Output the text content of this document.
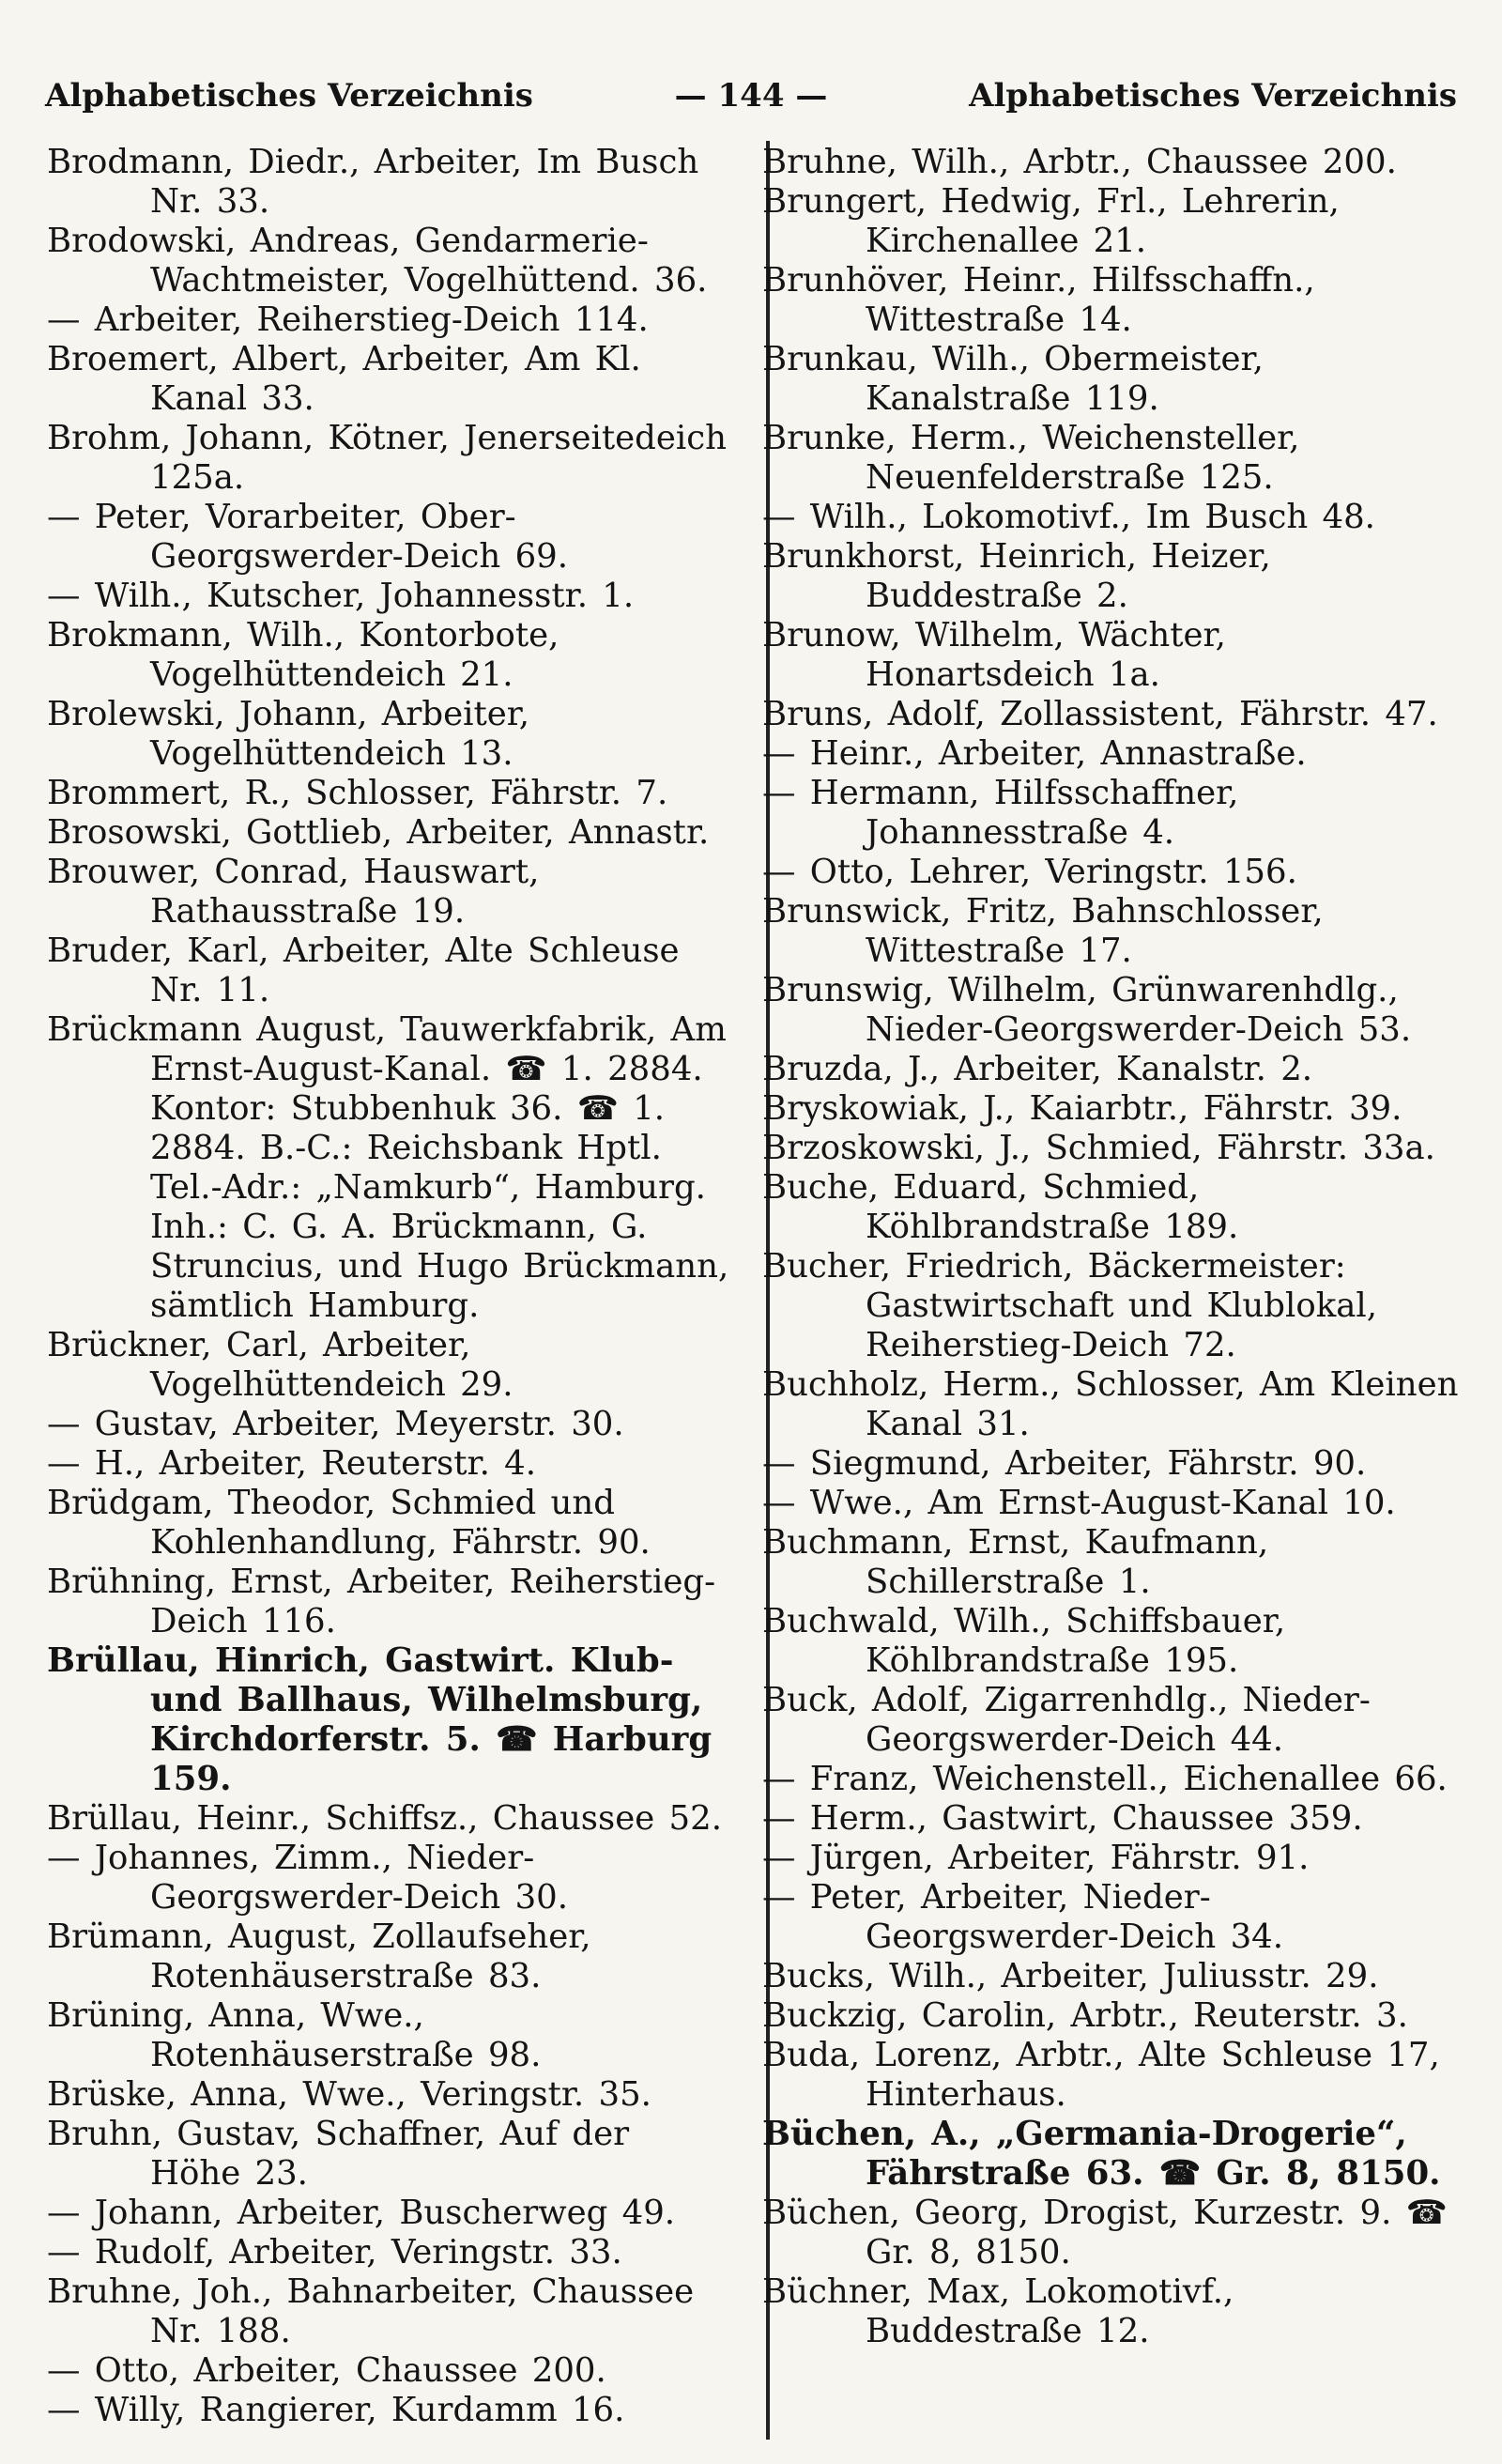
Alphabetisches Verzeichnis	— 144 —	Alphabetisches Verzeichnis
Brodmann, Diedr., Arbeiter, Im Busch Nr. 33.
Brodowski, Andreas, Gendarmerie-Wachtmeister, Vogelhüttend. 36.
— Arbeiter, Reiherstieg-Deich 114.
Broemert, Albert, Arbeiter, Am Kl. Kanal 33.
Brohm, Johann, Kötner, Jenerseitedeich 125a.
— Peter, Vorarbeiter, Ober-Georgswerder-Deich 69.
— Wilh., Kutscher, Johannesstr. 1.
Brokmann, Wilh., Kontorbote, Vogelhüttendeich 21.
Brolewski, Johann, Arbeiter, Vogelhüttendeich 13.
Brommert, R., Schlosser, Fährstr. 7.
Brosowski, Gottlieb, Arbeiter, Annastr.
Brouwer, Conrad, Hauswart, Rathausstraße 19.
Bruder, Karl, Arbeiter, Alte Schleuse Nr. 11.
Brückmann August, Tauwerkfabrik, Am Ernst-August-Kanal. ☎ 1. 2884. Kontor: Stubbenhuk 36. ☎ 1. 2884. B.-C.: Reichsbank Hptl. Tel.-Adr.: „Namkurb“, Hamburg. Inh.: C. G. A. Brückmann, G. Struncius, und Hugo Brückmann, sämtlich Hamburg.
Brückner, Carl, Arbeiter, Vogelhüttendeich 29.
— Gustav, Arbeiter, Meyerstr. 30.
— H., Arbeiter, Reuterstr. 4.
Brüdgam, Theodor, Schmied und Kohlenhandlung, Fährstr. 90.
Brühning, Ernst, Arbeiter, Reiherstieg-Deich 116.
Brüllau, Hinrich, Gastwirt. Klub- und Ballhaus, Wilhelmsburg, Kirchdorferstr. 5. ☎ Harburg 159.
Brüllau, Heinr., Schiffsz., Chaussee 52.
— Johannes, Zimm., Nieder-Georgswerder-Deich 30.
Brümann, August, Zollaufseher, Rotenhäuserstraße 83.
Brüning, Anna, Wwe., Rotenhäuserstraße 98.
Brüske, Anna, Wwe., Veringstr. 35.
Bruhn, Gustav, Schaffner, Auf der Höhe 23.
— Johann, Arbeiter, Buscherweg 49.
— Rudolf, Arbeiter, Veringstr. 33.
Bruhne, Joh., Bahnarbeiter, Chaussee Nr. 188.
— Otto, Arbeiter, Chaussee 200.
— Willy, Rangierer, Kurdamm 16.
Bruhne, Wilh., Arbtr., Chaussee 200.
Brungert, Hedwig, Frl., Lehrerin, Kirchenallee 21.
Brunhöver, Heinr., Hilfsschaffn., Wittestraße 14.
Brunkau, Wilh., Obermeister, Kanalstraße 119.
Brunke, Herm., Weichensteller, Neuenfelderstraße 125.
— Wilh., Lokomotivf., Im Busch 48.
Brunkhorst, Heinrich, Heizer, Buddestraße 2.
Brunow, Wilhelm, Wächter, Honartsdeich 1a.
Bruns, Adolf, Zollassistent, Fährstr. 47.
— Heinr., Arbeiter, Annastraße.
— Hermann, Hilfsschaffner, Johannesstraße 4.
— Otto, Lehrer, Veringstr. 156.
Brunswick, Fritz, Bahnschlosser, Wittestraße 17.
Brunswig, Wilhelm, Grünwarenhdlg., Nieder-Georgswerder-Deich 53.
Bruzda, J., Arbeiter, Kanalstr. 2.
Bryskowiak, J., Kaiarbtr., Fährstr. 39.
Brzoskowski, J., Schmied, Fährstr. 33a.
Buche, Eduard, Schmied, Köhlbrandstraße 189.
Bucher, Friedrich, Bäckermeister: Gastwirtschaft und Klublokal, Reiherstieg-Deich 72.
Buchholz, Herm., Schlosser, Am Kleinen Kanal 31.
— Siegmund, Arbeiter, Fährstr. 90.
— Wwe., Am Ernst-August-Kanal 10.
Buchmann, Ernst, Kaufmann, Schillerstraße 1.
Buchwald, Wilh., Schiffsbauer, Köhlbrandstraße 195.
Buck, Adolf, Zigarrenhdlg., Nieder-Georgswerder-Deich 44.
— Franz, Weichenstell., Eichenallee 66.
— Herm., Gastwirt, Chaussee 359.
— Jürgen, Arbeiter, Fährstr. 91.
— Peter, Arbeiter, Nieder-Georgswerder-Deich 34.
Bucks, Wilh., Arbeiter, Juliusstr. 29.
Buckzig, Carolin, Arbtr., Reuterstr. 3.
Buda, Lorenz, Arbtr., Alte Schleuse 17, Hinterhaus.
Büchen, A., „Germania-Drogerie“, Fährstraße 63. ☎ Gr. 8, 8150.
Büchen, Georg, Drogist, Kurzestr. 9. ☎ Gr. 8, 8150.
Büchner, Max, Lokomotivf., Buddestraße 12.
